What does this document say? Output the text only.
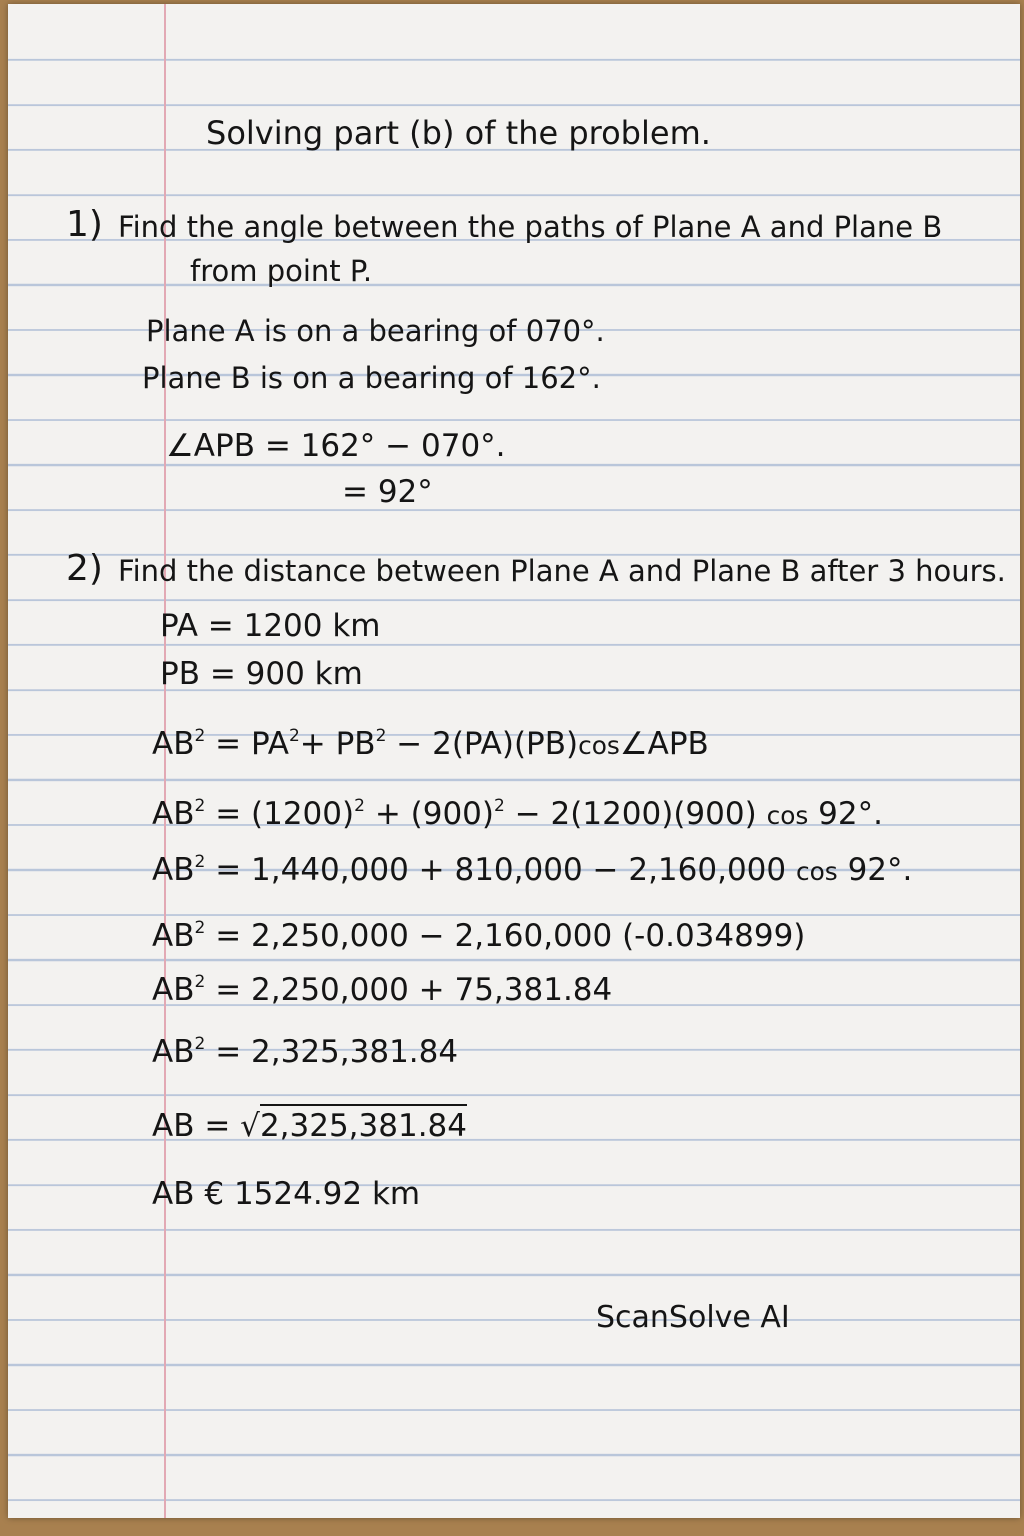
Solving part (b) of the problem.
1) Find the angle between the paths of Plane A and Plane B
from point P.
Plane A is on a bearing of 070°.
Plane B is on a bearing of 162°.
∠APB = 162° − 070°.
= 92°
2) Find the distance between Plane A and Plane B after 3 hours.
PA = 1200 km
PB = 900 km
$AB^2 = PA^2+ PB^2$ − 2(PA)(PB)cos∠APB
$AB^2 = (1200)^2 + (900)^2 - 2(1200)(900)$ cos 92°.
$AB^2 = 1,440,000 + 810,000 - 2,160,000$ cos 92°.
$AB^2 = 2,250,000 - 2,160,000$ (-0.034899)
$AB^2 = 2,250,000 + 75,381.84$
$AB^2 = 2,325,381.84$
AB = √2,325,381.84
AB € 1524.92 km
ScanSolve AI
